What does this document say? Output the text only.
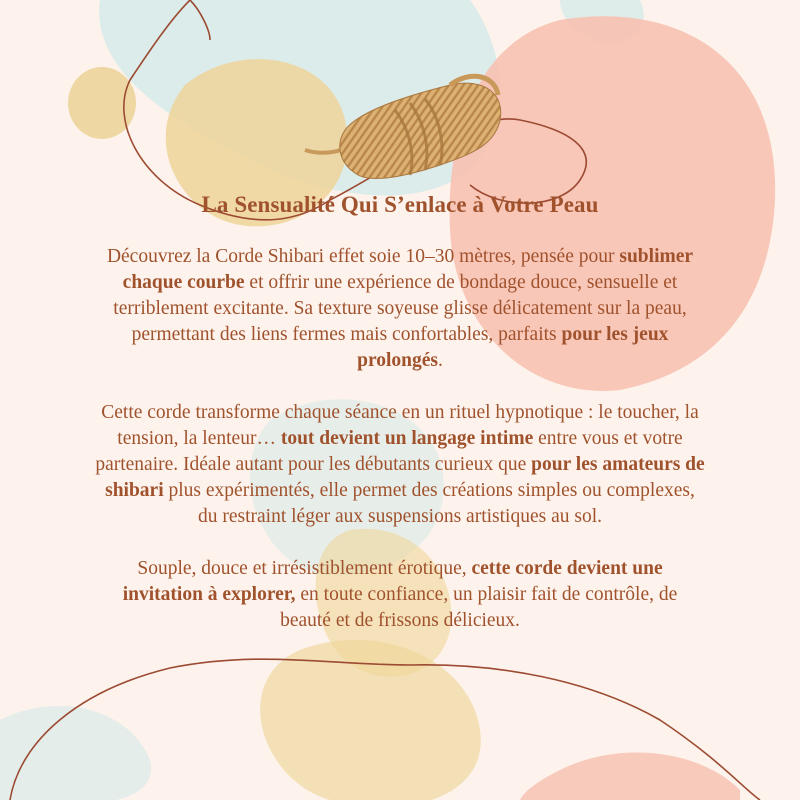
La Sensualité Qui S’enlace à Votre Peau

Découvrez la Corde Shibari effet soie 10–30 mètres, pensée pour sublimer chaque courbe et offrir une expérience de bondage douce, sensuelle et terriblement excitante. Sa texture soyeuse glisse délicatement sur la peau, permettant des liens fermes mais confortables, parfaits pour les jeux prolongés.

Cette corde transforme chaque séance en un rituel hypnotique : le toucher, la tension, la lenteur… tout devient un langage intime entre vous et votre partenaire. Idéale autant pour les débutants curieux que pour les amateurs de shibari plus expérimentés, elle permet des créations simples ou complexes, du restraint léger aux suspensions artistiques au sol.

Souple, douce et irrésistiblement érotique, cette corde devient une invitation à explorer, en toute confiance, un plaisir fait de contrôle, de beauté et de frissons délicieux.
